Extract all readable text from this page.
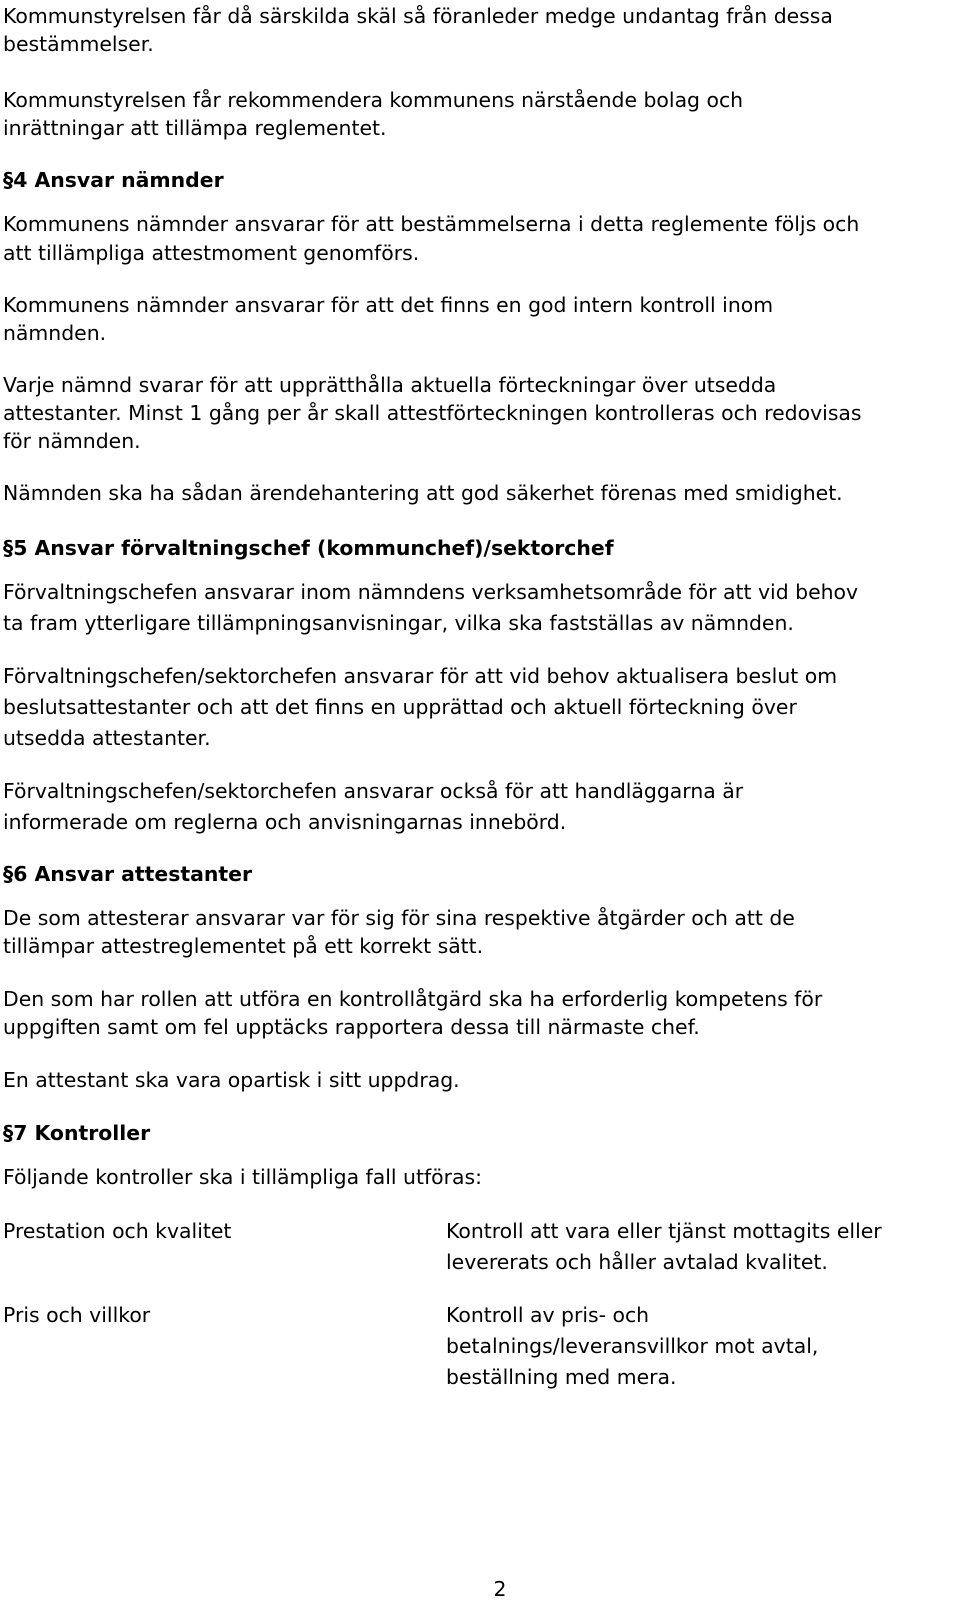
Kommunstyrelsen får då särskilda skäl så föranleder medge undantag från dessa

bestämmelser.

Kommunstyrelsen får rekommendera kommunens närstående bolag och

inrättningar att tillämpa reglementet.

§4 Ansvar nämnder

Kommunens nämnder ansvarar för att bestämmelserna i detta reglemente följs och

att tillämpliga attestmoment genomförs.

Kommunens nämnder ansvarar för att det finns en god intern kontroll inom

nämnden.

Varje nämnd svarar för att upprätthålla aktuella förteckningar över utsedda

attestanter. Minst 1 gång per år skall attestförteckningen kontrolleras och redovisas

för nämnden.

Nämnden ska ha sådan ärendehantering att god säkerhet förenas med smidighet.

§5 Ansvar förvaltningschef (kommunchef)/sektorchef

Förvaltningschefen ansvarar inom nämndens verksamhetsområde för att vid behov

ta fram ytterligare tillämpningsanvisningar, vilka ska fastställas av nämnden.

Förvaltningschefen/sektorchefen ansvarar för att vid behov aktualisera beslut om

beslutsattestanter och att det finns en upprättad och aktuell förteckning över

utsedda attestanter.

Förvaltningschefen/sektorchefen ansvarar också för att handläggarna är

informerade om reglerna och anvisningarnas innebörd.

§6 Ansvar attestanter

De som attesterar ansvarar var för sig för sina respektive åtgärder och att de

tillämpar attestreglementet på ett korrekt sätt.

Den som har rollen att utföra en kontrollåtgärd ska ha erforderlig kompetens för

uppgiften samt om fel upptäcks rapportera dessa till närmaste chef.

En attestant ska vara opartisk i sitt uppdrag.

§7 Kontroller

Följande kontroller ska i tillämpliga fall utföras:

Prestation och kvalitet	Kontroll att vara eller tjänst mottagits eller

levererats och håller avtalad kvalitet.

Pris och villkor	Kontroll av pris- och

betalnings/leveransvillkor mot avtal,

beställning med mera.

2
